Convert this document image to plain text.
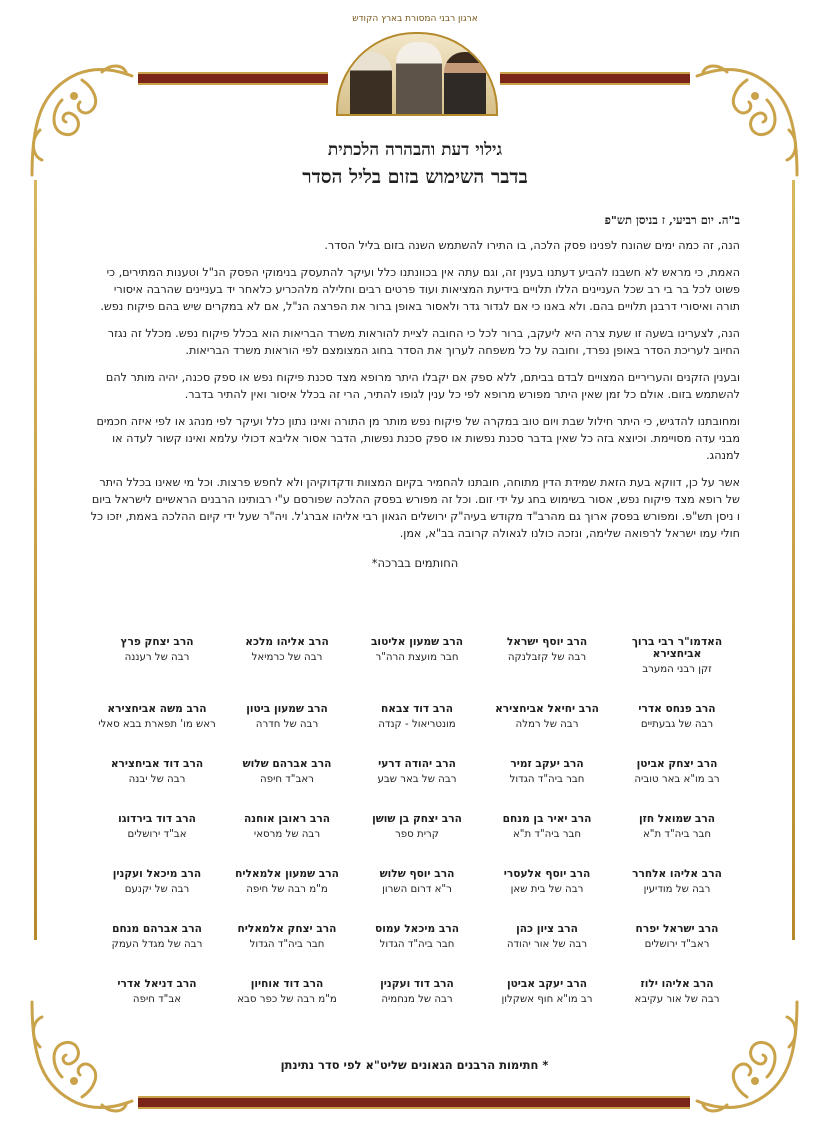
ארגון רבני המסורת בארץ הקודש
גילוי דעת והבהרה הלכתית
בדבר השימוש בזום בליל הסדר
ב"ה. יום רביעי, ז בניסן תש"פ

הנה, זה כמה ימים שהונח לפנינו פסק הלכה, בו התירו להשתמש השנה בזום בליל הסדר.

האמת, כי מראש לא חשבנו להביע דעתנו בענין זה, וגם עתה אין בכוונתנו כלל ועיקר להתעסק בנימוקי הפסק הנ"ל וטענות המתירים, כי פשוט לכל בר בי רב שכל העניינים הללו תלויים בידיעת המציאות ועוד פרטים רבים וחלילה מלהכריע כלאחר יד בעניינים שהרבה איסורי תורה ואיסורי דרבנן תלויים בהם. ולא באנו כי אם לגדור גדר ולאסור באופן ברור את הפרצה הנ"ל, אם לא במקרים שיש בהם פיקוח נפש.

הנה, לצערינו בשעה זו שעת צרה היא ליעקב, ברור לכל כי החובה לציית להוראות משרד הבריאות הוא בכלל פיקוח נפש. מכלל זה נגזר החיוב לעריכת הסדר באופן נפרד, וחובה על כל משפחה לערוך את הסדר בחוג המצומצם לפי הוראות משרד הבריאות.

ובענין הזקנים והעריריים המצויים לבדם בביתם, ללא ספק אם יקבלו היתר מרופא מצד סכנת פיקוח נפש או ספק סכנה, יהיה מותר להם להשתמש בזום. אולם כל זמן שאין היתר מפורש מרופא לפי כל ענין לגופו להתיר, הרי זה בכלל איסור ואין להתיר בדבר.

ומחובתנו להדגיש, כי היתר חילול שבת ויום טוב במקרה של פיקוח נפש מותר מן התורה ואינו נתון כלל ועיקר לפי מנהג או לפי איזה חכמים מבני עדה מסויימת. וכיוצא בזה כל שאין בדבר סכנת נפשות או ספק סכנת נפשות, הדבר אסור אליבא דכולי עלמא ואינו קשור לעדה או למנהג.

אשר על כן, דווקא בעת הזאת שמידת הדין מתוחה, חובתנו להחמיר בקיום המצוות ודקדוקיהן ולא לחפש פרצות. וכל מי שאינו בכלל היתר של רופא מצד פיקוח נפש, אסור בשימוש בחג על ידי זום. וכל זה מפורש בפסק ההלכה שפורסם ע"י רבותינו הרבנים הראשיים לישראל ביום ו ניסן תש"פ. ומפורש בפסק ארוך גם מהרב"ד מקודש בעיה"ק ירושלים הגאון רבי אליהו אברג'ל. ויה"ר שעל ידי קיום ההלכה באמת, יזכו כל חולי עמו ישראל לרפואה שלימה, ונזכה כולנו לגאולה קרובה בב"א, אמן.

החותמים בברכה*
האדמו"ר רבי ברוך אביחצירא
זקן רבני המערב
הרב יוסף ישראל
רבה של קזבלנקה
הרב שמעון אליטוב
חבר מועצת הרה"ר
הרב אליהו מלכא
רבה של כרמיאל
הרב יצחק פרץ
רבה של רעננה
הרב פנחס אדרי
רבה של גבעתיים
הרב יחיאל אביחצירא
רבה של רמלה
הרב דוד צבאח
מונטריאול - קנדה
הרב שמעון ביטון
רבה של חדרה
הרב משה אביחצירא
ראש מו' תפארת בבא סאלי
הרב יצחק אביטן
רב מו"א באר טוביה
הרב יעקב זמיר
חבר ביה"ד הגדול
הרב יהודה דרעי
רבה של באר שבע
הרב אברהם שלוש
ראב"ד חיפה
הרב דוד אביחצירא
רבה של יבנה
הרב שמואל חזן
חבר ביה"ד ת"א
הרב יאיר בן מנחם
חבר ביה"ד ת"א
הרב יצחק בן שושן
קרית ספר
הרב ראובן אוחנה
רבה של מרסאי
הרב דוד בירדוגו
אב"ד ירושלים
הרב אליהו אלחרר
רבה של מודיעין
הרב יוסף אלעסרי
רבה של בית שאן
הרב יוסף שלוש
ר"א דרום השרון
הרב שמעון אלמאליח
מ"מ רבה של חיפה
הרב מיכאל ועקנין
רבה של יקנעם
הרב ישראל יפרח
ראב"ד ירושלים
הרב ציון כהן
רבה של אור יהודה
הרב מיכאל עמוס
חבר ביה"ד הגדול
הרב יצחק אלמאליח
חבר ביה"ד הגדול
הרב אברהם מנחם
רבה של מגדל העמק
הרב אליהו ילוז
רבה של אור עקיבא
הרב יעקב אביטן
רב מו"א חוף אשקלון
הרב דוד ועקנין
רבה של מנחמיה
הרב דוד אוחיון
מ"מ רבה של כפר סבא
הרב דניאל אדרי
אב"ד חיפה
* חתימות הרבנים הגאונים שליט"א לפי סדר נתינתן
